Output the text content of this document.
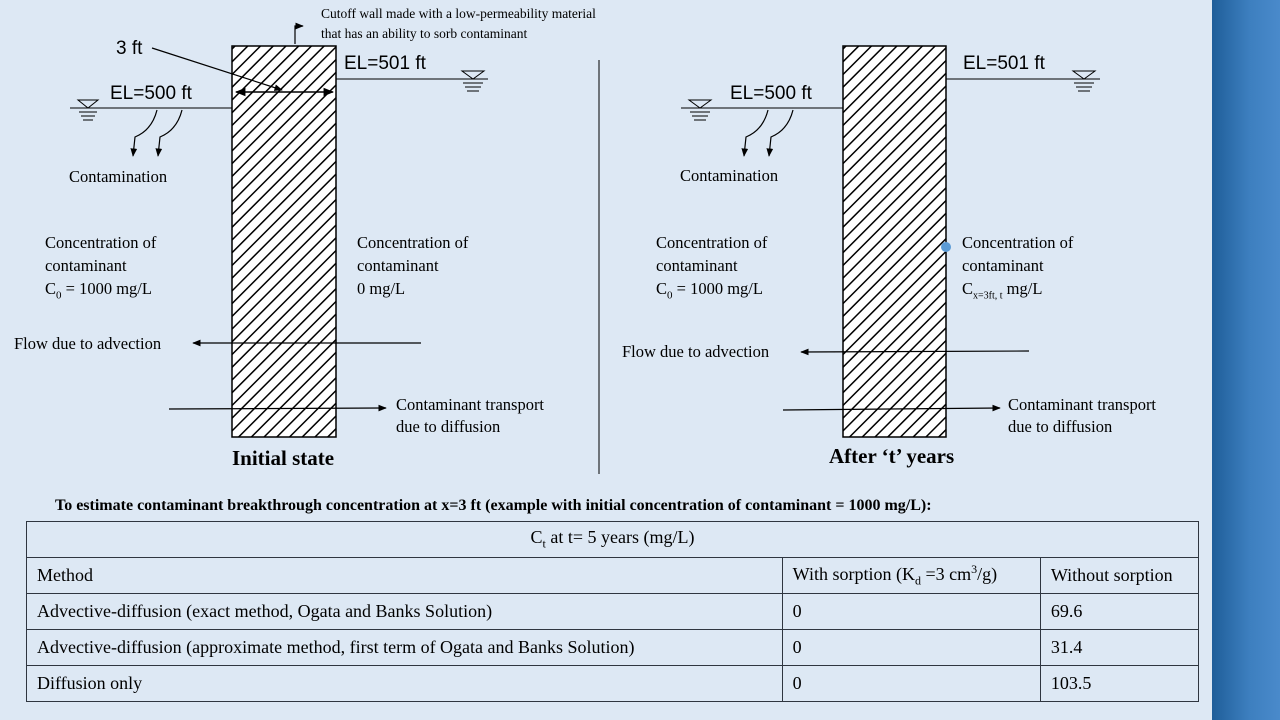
Cutoff wall made with a low-permeability material
that has an ability to sorb contaminant
3 ft
EL=501 ft
EL=500 ft
Contamination
Concentration of
contaminant
$C_0 = 1000$ mg/L
Concentration of
contaminant
0 mg/L
Flow due to advection
Contaminant transport
due to diffusion
Initial state
EL=501 ft
EL=500 ft
Contamination
Concentration of
contaminant
$C_0 = 1000$ mg/L
Concentration of
contaminant
$C_{x=3ft, t}$ mg/L
Flow due to advection
Contaminant transport
due to diffusion
After ‘t’ years
To estimate contaminant breakthrough concentration at x=3 ft (example with initial concentration of contaminant = 1000 mg/L):
$C_t$ at t= 5 years (mg/L)		
Method	With sorption ($K_d =3$ $cm^3/g$)	Without sorption
Advective-diffusion (exact method, Ogata and Banks Solution)	0	69.6
Advective-diffusion (approximate method, first term of Ogata and Banks Solution)	0	31.4
Diffusion only	0	103.5
